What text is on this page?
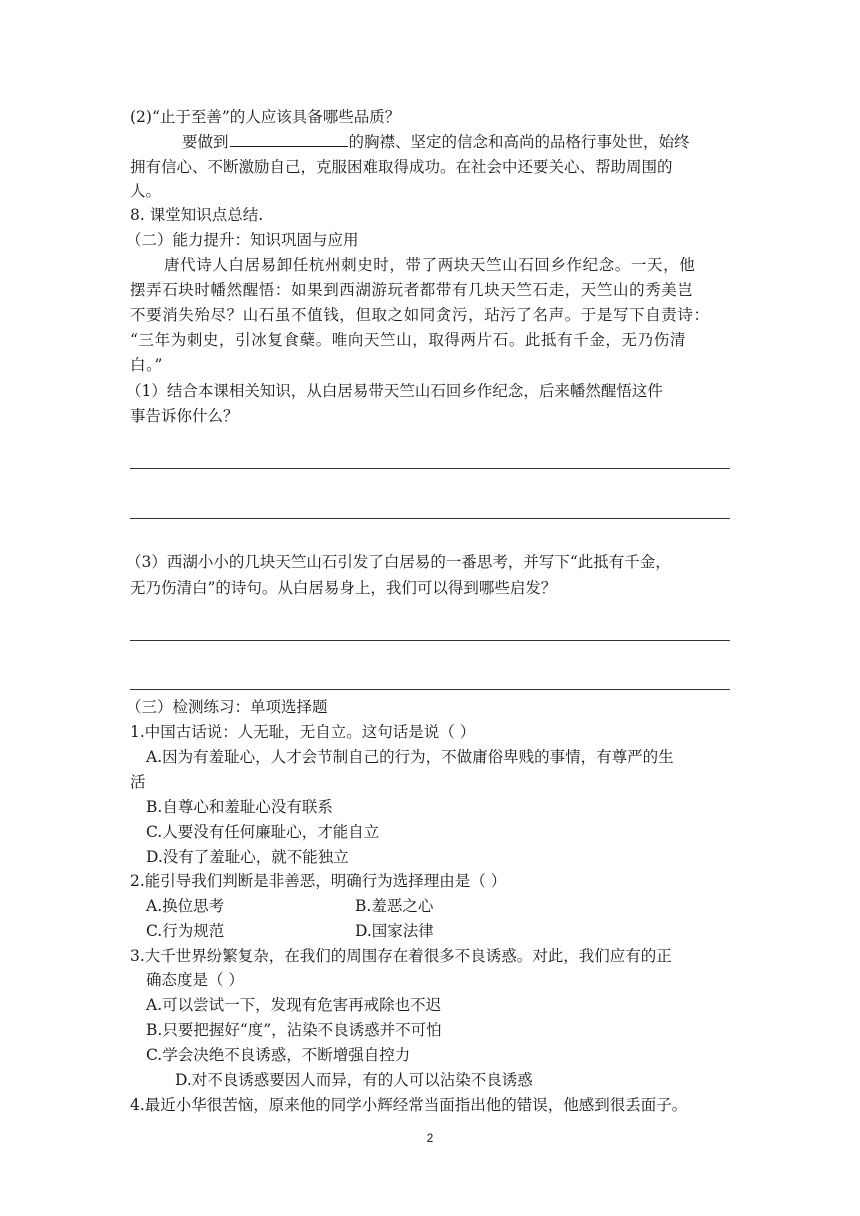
(2)“止于至善”的人应该具备哪些品质？
要做到	的胸襟、坚定的信念和高尚的品格行事处世，始终
拥有信心、不断激励自己，克服困难取得成功。在社会中还要关心、帮助周围的
人。
8. 课堂知识点总结.
（二）能力提升：知识巩固与应用
唐代诗人白居易卸任杭州刺史时，带了两块天竺山石回乡作纪念。一天，他
摆弄石块时幡然醒悟：如果到西湖游玩者都带有几块天竺石走，天竺山的秀美岂
不要消失殆尽？山石虽不值钱，但取之如同贪污，玷污了名声。于是写下自责诗：
“三年为刺史，引冰复食蘖。唯向天竺山，取得两片石。此抵有千金，无乃伤清
白。”
（1）结合本课相关知识，从白居易带天竺山石回乡作纪念，后来幡然醒悟这件
事告诉你什么？
（3）西湖小小的几块天竺山石引发了白居易的一番思考，并写下“此抵有千金，
无乃伤清白”的诗句。从白居易身上，我们可以得到哪些启发？
（三）检测练习：单项选择题
1.中国古话说：人无耻，无自立。这句话是说（ ）
A.因为有羞耻心，人才会节制自己的行为，不做庸俗卑贱的事情，有尊严的生
活
B.自尊心和羞耻心没有联系
C.人要没有任何廉耻心，才能自立
D.没有了羞耻心，就不能独立
2.能引导我们判断是非善恶，明确行为选择理由是（ ）
A.换位思考	B.羞恶之心
C.行为规范	D.国家法律
3.大千世界纷繁复杂，在我们的周围存在着很多不良诱惑。对此，我们应有的正
确态度是（ ）
A.可以尝试一下，发现有危害再戒除也不迟
B.只要把握好“度”，沾染不良诱惑并不可怕
C.学会决绝不良诱惑，不断增强自控力
D.对不良诱惑要因人而异，有的人可以沾染不良诱惑
4.最近小华很苦恼，原来他的同学小辉经常当面指出他的错误，他感到很丢面子。
2
